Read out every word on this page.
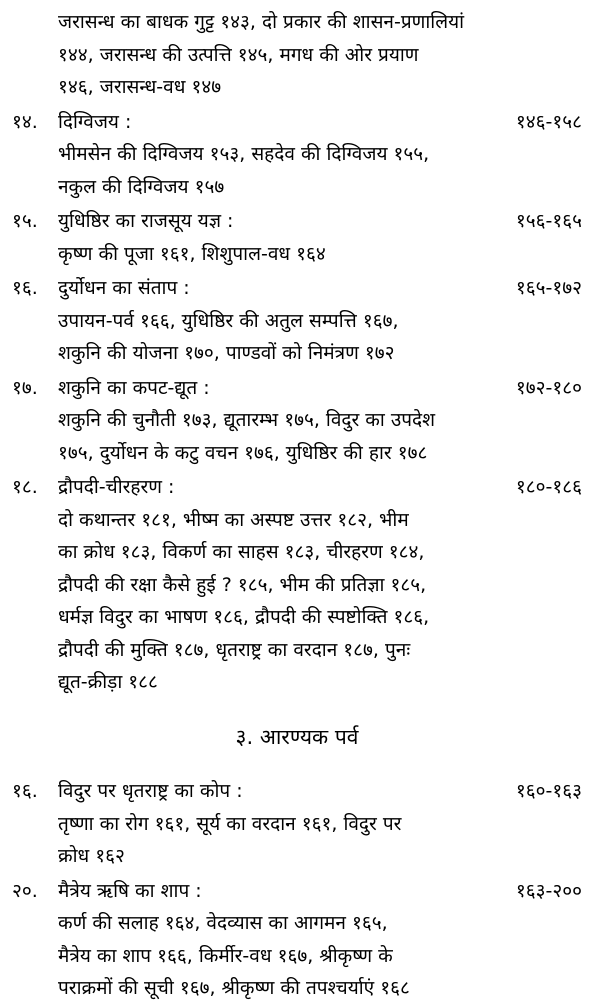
जरासन्ध का बाधक गुट्ट १४३, दो प्रकार की शासन-प्रणालियां
१४४, जरासन्ध की उत्पत्ति १४५, मगध की ओर प्रयाण
१४६, जरासन्ध-वध १४७
१४.	दिग्विजय :	१४६-१५८
भीमसेन की दिग्विजय १५३, सहदेव की दिग्विजय १५५,
नकुल की दिग्विजय १५७
१५.	युधिष्ठिर का राजसूय यज्ञ :	१५६-१६५
कृष्ण की पूजा १६१, शिशुपाल-वध १६४
१६.	दुर्योधन का संताप :	१६५-१७२
उपायन-पर्व १६६, युधिष्ठिर की अतुल सम्पत्ति १६७,
शकुनि की योजना १७०, पाण्डवों को निमंत्रण १७२
१७.	शकुनि का कपट-द्यूत :	१७२-१८०
शकुनि की चुनौती १७३, द्यूतारम्भ १७५, विदुर का उपदेश
१७५, दुर्योधन के कटु वचन १७६, युधिष्ठिर की हार १७८
१८.	द्रौपदी-चीरहरण :	१८०-१८६
दो कथान्तर १८१, भीष्म का अस्पष्ट उत्तर १८२, भीम
का क्रोध १८३, विकर्ण का साहस १८३, चीरहरण १८४,
द्रौपदी की रक्षा कैसे हुई ? १८५, भीम की प्रतिज्ञा १८५,
धर्मज्ञ विदुर का भाषण १८६, द्रौपदी की स्पष्टोक्ति १८६,
द्रौपदी की मुक्ति १८७, धृतराष्ट्र का वरदान १८७, पुनः
द्यूत-क्रीड़ा १८८
३. आरण्यक पर्व
१६.	विदुर पर धृतराष्ट्र का कोप :	१६०-१६३
तृष्णा का रोग १६१, सूर्य का वरदान १६१, विदुर पर
क्रोध १६२
२०.	मैत्रेय ऋषि का शाप :	१६३-२००
कर्ण की सलाह १६४, वेदव्यास का आगमन १६५,
मैत्रेय का शाप १६६, किर्मीर-वध १६७, श्रीकृष्ण के
पराक्रमों की सूची १६७, श्रीकृष्ण की तपश्चर्याएं १६८
